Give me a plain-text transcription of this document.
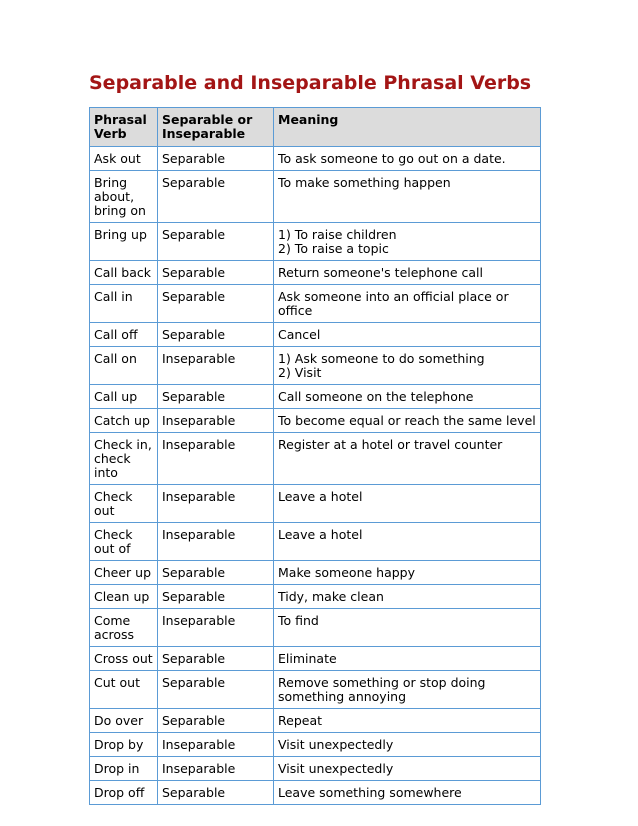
Separable and Inseparable Phrasal Verbs
Phrasal Verb	Separable or Inseparable	Meaning
Ask out	Separable	To ask someone to go out on a date.

Bring about, bring on	Separable	To make something happen

Bring up	Separable	1) To raise children
2) To raise a topic

Call back	Separable	Return someone's telephone call

Call in	Separable	Ask someone into an official place or office

Call off	Separable	Cancel

Call on	Inseparable	1) Ask someone to do something
2) Visit

Call up	Separable	Call someone on the telephone

Catch up	Inseparable	To become equal or reach the same level

Check in, check into	Inseparable	Register at a hotel or travel counter

Check out	Inseparable	Leave a hotel

Check out of	Inseparable	Leave a hotel

Cheer up	Separable	Make someone happy

Clean up	Separable	Tidy, make clean

Come across	Inseparable	To find

Cross out	Separable	Eliminate

Cut out	Separable	Remove something or stop doing something annoying

Do over	Separable	Repeat

Drop by	Inseparable	Visit unexpectedly

Drop in	Inseparable	Visit unexpectedly

Drop off	Separable	Leave something somewhere
